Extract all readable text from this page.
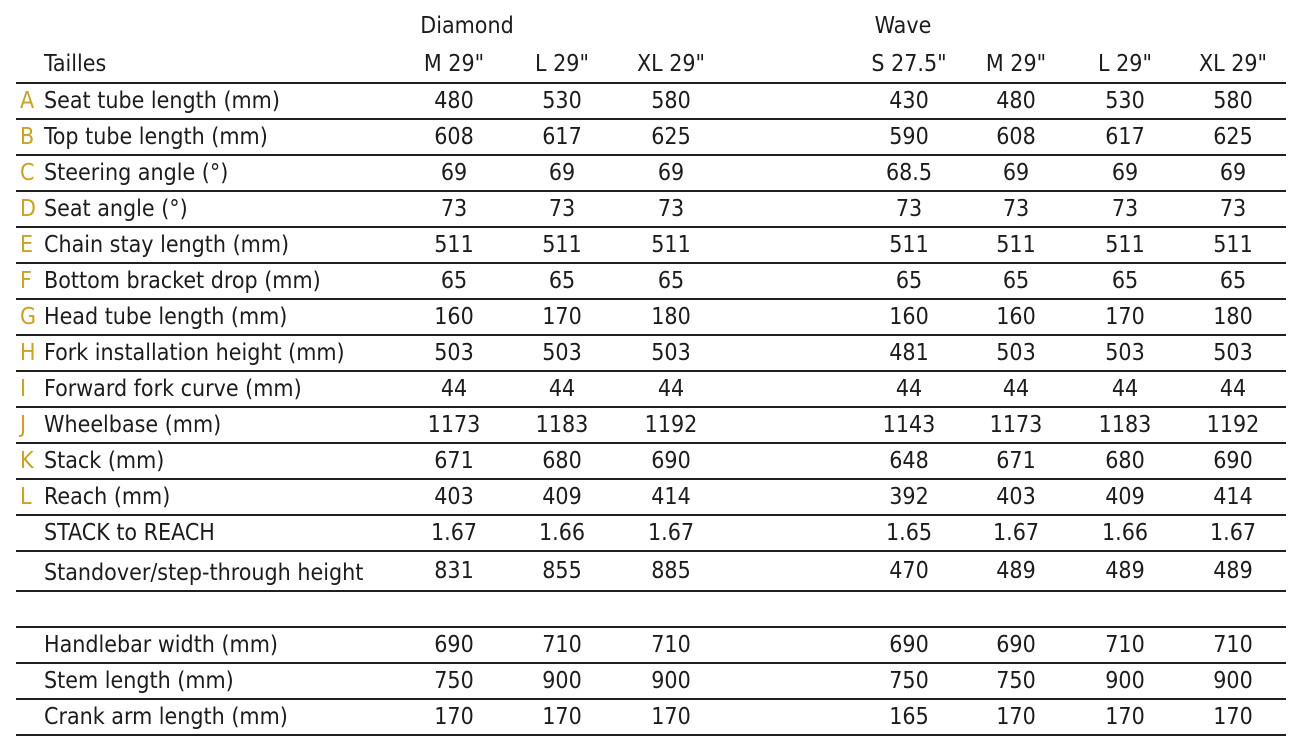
Diamond	Wave
Tailles	M 29" L 29" XL 29"	S 27.5" M 29" L 29" XL 29"
A Seat tube length (mm)	480	530	580	430	480	530	580
B Top tube length (mm)	608	617	625	590	608	617	625
C Steering angle (°)	69	69	69	68.5	69	69	69
D Seat angle (°)	73	73	73	73	73	73	73
E Chain stay length (mm)	511	511	511	511	511	511	511
F Bottom bracket drop (mm)	65	65	65	65	65	65	65
G Head tube length (mm)	160	170	180	160	160	170	180
H Fork installation height (mm)	503	503	503	481	503	503	503
I Forward fork curve (mm)	44	44	44	44	44	44	44
J Wheelbase (mm)	1173 1183 1192	1143 1173 1183 1192
K Stack (mm)	671	680	690	648	671	680	690
L Reach (mm)	403	409	414	392	403	409	414
STACK to REACH	1.67	1.66	1.67	1.65	1.67	1.66	1.67
Standover/step-through height	831	855	885	470	489	489	489
Handlebar width (mm)	690	710	710	690	690	710	710
Stem length (mm)	750	900	900	750	750	900	900
Crank arm length (mm)	170	170	170	165	170	170	170
